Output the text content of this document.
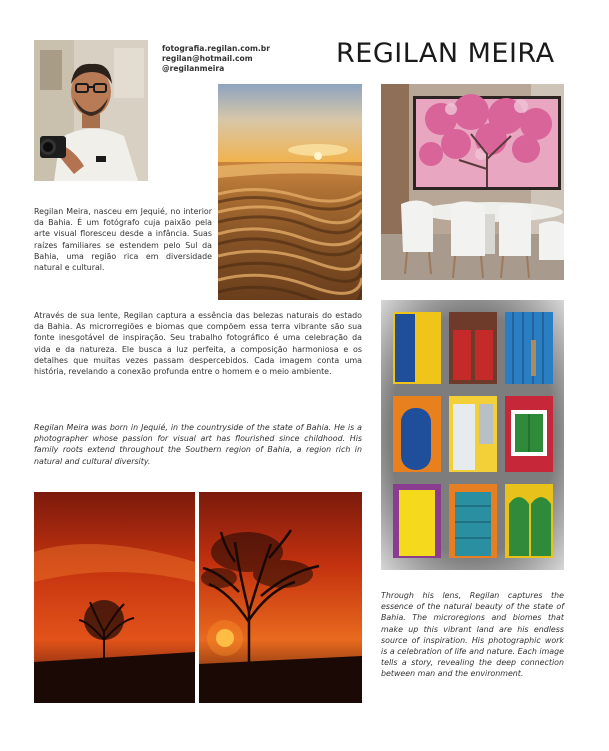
fotografia.regilan.com.br
regilan@hotmail.com
@regilanmeira	REGILAN MEIRA

Regilan Meira, nasceu em Jequié, no interior da Bahia. É um fotógrafo cuja paixão pela arte visual floresceu desde a infância. Suas raízes familiares se estendem pelo Sul da Bahia, uma região rica em diversidade natural e cultural.

Através de sua lente, Regilan captura a essência das belezas naturais do estado da Bahia. As microrregiões e biomas que compõem essa terra vibrante são sua fonte inesgotável de inspiração. Seu trabalho fotográfico é uma celebração da vida e da natureza. Ele busca a luz perfeita, a composição harmoniosa e os detalhes que muitas vezes passam despercebidos. Cada imagem conta uma história, revelando a conexão profunda entre o homem e o meio ambiente.

Regilan Meira was born in Jequié, in the countryside of the state of Bahia. He is a photographer whose passion for visual art has flourished since childhood. His family roots extend throughout the Southern region of Bahia, a region rich in natural and cultural diversity.

Through his lens, Regilan captures the essence of the natural beauty of the state of Bahia. The microregions and biomes that make up this vibrant land are his endless source of inspiration. His photographic work is a celebration of life and nature. Each image tells a story, revealing the deep connection between man and the environment.
